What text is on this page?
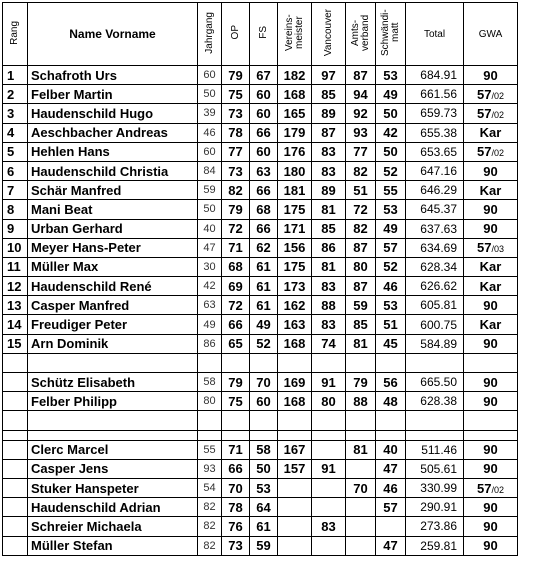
Rang	Name Vorname	Jahrgang	OP	FS	Vereins-meister	Vancouver	Amts-verband	Schwändi-matt	Total	GWA
1	Schafroth Urs	60	79	67	182	97	87	53	684.91	90
2	Felber Martin	50	75	60	168	85	94	49	661.56	57/02
3	Haudenschild Hugo	39	73	60	165	89	92	50	659.73	57/02
4	Aeschbacher Andreas	46	78	66	179	87	93	42	655.38	Kar
5	Hehlen Hans	60	77	60	176	83	77	50	653.65	57/02
6	Haudenschild Christia	84	73	63	180	83	82	52	647.16	90
7	Schär Manfred	59	82	66	181	89	51	55	646.29	Kar
8	Mani Beat	50	79	68	175	81	72	53	645.37	90
9	Urban Gerhard	40	72	66	171	85	82	49	637.63	90
10	Meyer Hans-Peter	47	71	62	156	86	87	57	634.69	57/03
11	Müller Max	30	68	61	175	81	80	52	628.34	Kar
12	Haudenschild René	42	69	61	173	83	87	46	626.62	Kar
13	Casper Manfred	63	72	61	162	88	59	53	605.81	90
14	Freudiger Peter	49	66	49	163	83	85	51	600.75	Kar
15	Arn Dominik	86	65	52	168	74	81	45	584.89	90

	Schütz Elisabeth	58	79	70	169	91	79	56	665.50	90
	Felber Philipp	80	75	60	168	80	88	48	628.38	90

	Clerc Marcel	55	71	58	167		81	40	511.46	90
	Casper Jens	93	66	50	157	91		47	505.61	90
	Stuker Hanspeter	54	70	53			70	46	330.99	57/02
	Haudenschild Adrian	82	78	64				57	290.91	90
	Schreier Michaela	82	76	61		83			273.86	90
	Müller Stefan	82	73	59				47	259.81	90
